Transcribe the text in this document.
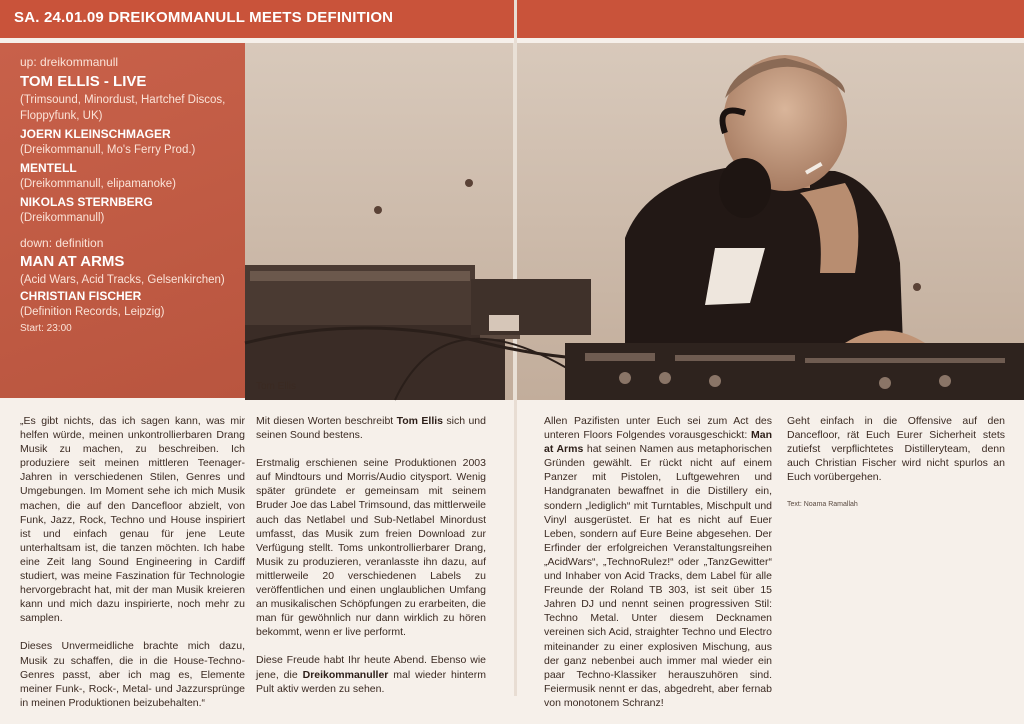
SA. 24.01.09 DREIKOMMANULL MEETS DEFINITION
up: dreikommanull
TOM ELLIS - LIVE
(Trimsound, Minordust, Hartchef Discos,
Floppyfunk, UK)
JOERN KLEINSCHMAGER
(Dreikommanull, Mo's Ferry Prod.)
MENTELL
(Dreikommanull, elipamanoke)
NIKOLAS STERNBERG
(Dreikommanull)
down: definition
MAN AT ARMS
(Acid Wars, Acid Tracks, Gelsenkirchen)
CHRISTIAN FISCHER
(Definition Records, Leipzig)
Start: 23:00
Tom Ellis

„Es gibt nichts, das ich sagen kann, was mir helfen würde, meinen unkontrollierbaren Drang Musik zu machen, zu beschreiben. Ich produziere seit meinen mittleren Teenager-Jahren in verschiedenen Stilen, Genres und Umgebungen. Im Moment sehe ich mich Musik machen, die auf den Dancefloor abzielt, von Funk, Jazz, Rock, Techno und House inspiriert ist und einfach genau für jene Leute unterhaltsam ist, die tanzen möchten. Ich habe eine Zeit lang Sound Engineering in Cardiff studiert, was meine Faszination für Technologie hervorgebracht hat, mit der man Musik kreieren kann und mich dazu inspirierte, noch mehr zu samplen.

Dieses Unvermeidliche brachte mich dazu, Musik zu schaffen, die in die House-Techno-Genres passt, aber ich mag es, Elemente meiner Funk-, Rock-, Metal- und Jazzursprünge in meinen Produktionen beizubehalten.“

Mit diesen Worten beschreibt Tom Ellis sich und seinen Sound bestens.

Erstmalig erschienen seine Produktionen 2003 auf Mindtours und Morris/Audio citysport. Wenig später gründete er gemeinsam mit seinem Bruder Joe das Label Trimsound, das mittlerweile auch das Netlabel und Sub-Netlabel Minordust umfasst, das Musik zum freien Download zur Verfügung stellt. Toms unkontrollierbarer Drang, Musik zu produzieren, veranlasste ihn dazu, auf mittlerweile 20 verschiedenen Labels zu veröffentlichen und einen unglaublichen Umfang an musikalischen Schöpfungen zu erarbeiten, die man für gewöhnlich nur dann wirklich zu hören bekommt, wenn er live performt.

Diese Freude habt Ihr heute Abend. Ebenso wie jene, die Dreikommanuller mal wieder hinterm Pult aktiv werden zu sehen.

Allen Pazifisten unter Euch sei zum Act des unteren Floors Folgendes vorausgeschickt: Man at Arms hat seinen Namen aus metaphorischen Gründen gewählt. Er rückt nicht auf einem Panzer mit Pistolen, Luftgewehren und Handgranaten bewaffnet in die Distillery ein, sondern „lediglich“ mit Turntables, Mischpult und Vinyl ausgerüstet. Er hat es nicht auf Euer Leben, sondern auf Eure Beine abgesehen. Der Erfinder der erfolgreichen Veranstaltungsreihen „AcidWars“, „TechnoRulez!“ oder „TanzGewitter“ und Inhaber von Acid Tracks, dem Label für alle Freunde der Roland TB 303, ist seit über 15 Jahren DJ und nennt seinen progressiven Stil: Techno Metal. Unter diesem Decknamen vereinen sich Acid, straighter Techno und Electro miteinander zu einer explosiven Mischung, aus der ganz nebenbei auch immer mal wieder ein paar Techno-Klassiker herauszuhören sind. Feiermusik nennt er das, abgedreht, aber fernab von monotonem Schranz!

Geht einfach in die Offensive auf den Dancefloor, rät Euch Eurer Sicherheit stets zutiefst verpflichtetes Distilleryteam, denn auch Christian Fischer wird nicht spurlos an Euch vorübergehen.

Text: Noama Ramallah
